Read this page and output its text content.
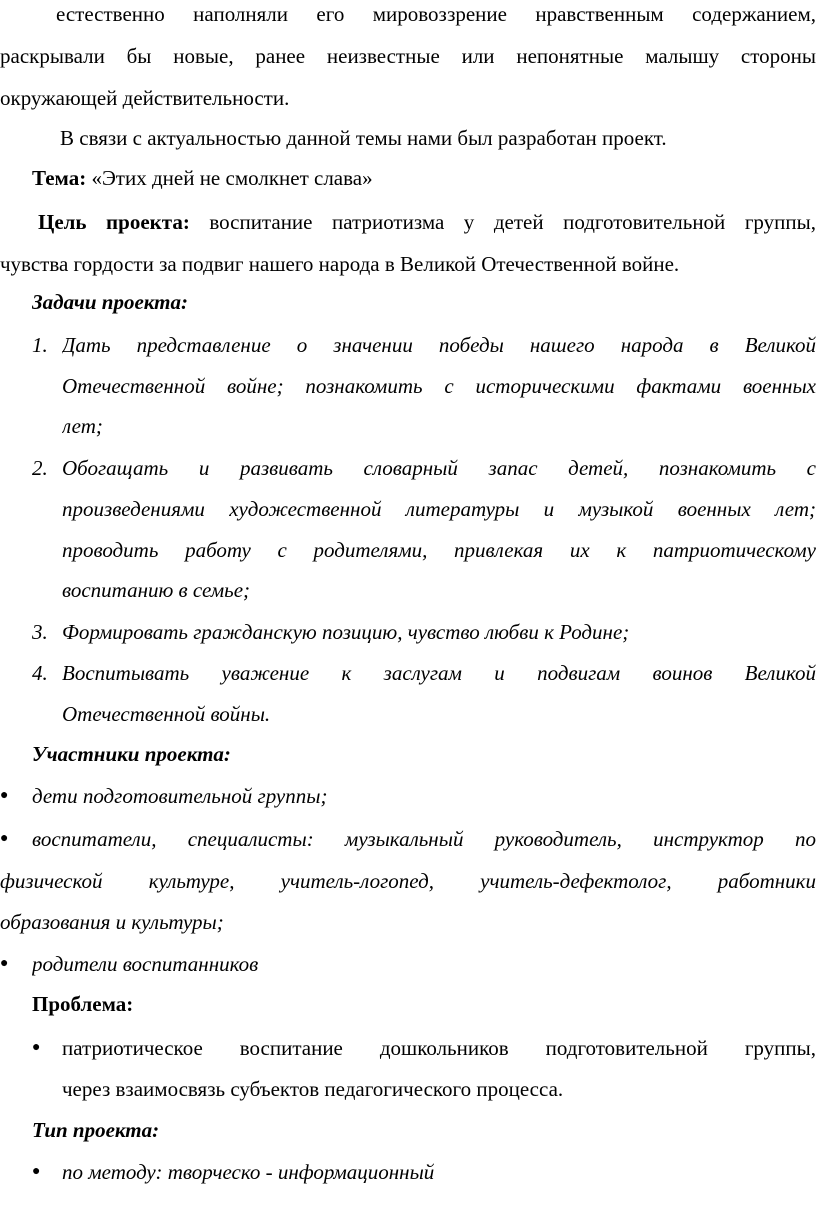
естественно наполняли его мировоззрение нравственным содержанием,
раскрывали бы новые, ранее неизвестные или непонятные малышу стороны
окружающей действительности.
В связи с актуальностью данной темы нами был разработан проект.
Тема: «Этих дней не смолкнет слава»
Цель проекта: воспитание патриотизма у детей подготовительной группы,
чувства гордости за подвиг нашего народа в Великой Отечественной войне.
Задачи проекта:
1. Дать представление о значении победы нашего народа в Великой
Отечественной войне; познакомить с историческими фактами военных
лет;
2. Обогащать и развивать словарный запас детей, познакомить с
произведениями художественной литературы и музыкой военных лет;
проводить работу с родителями, привлекая их к патриотическому
воспитанию в семье;
3. Формировать гражданскую позицию, чувство любви к Родине;
4. Воспитывать уважение к заслугам и подвигам воинов Великой
Отечественной войны.
Участники проекта:
● дети подготовительной группы;
● воспитатели, специалисты: музыкальный руководитель, инструктор по
физической культуре, учитель-логопед, учитель-дефектолог, работники
образования и культуры;
● родители воспитанников
Проблема:
● патриотическое воспитание дошкольников подготовительной группы,
через взаимосвязь субъектов педагогического процесса.
Тип проекта:
● по методу: творческо - информационный
